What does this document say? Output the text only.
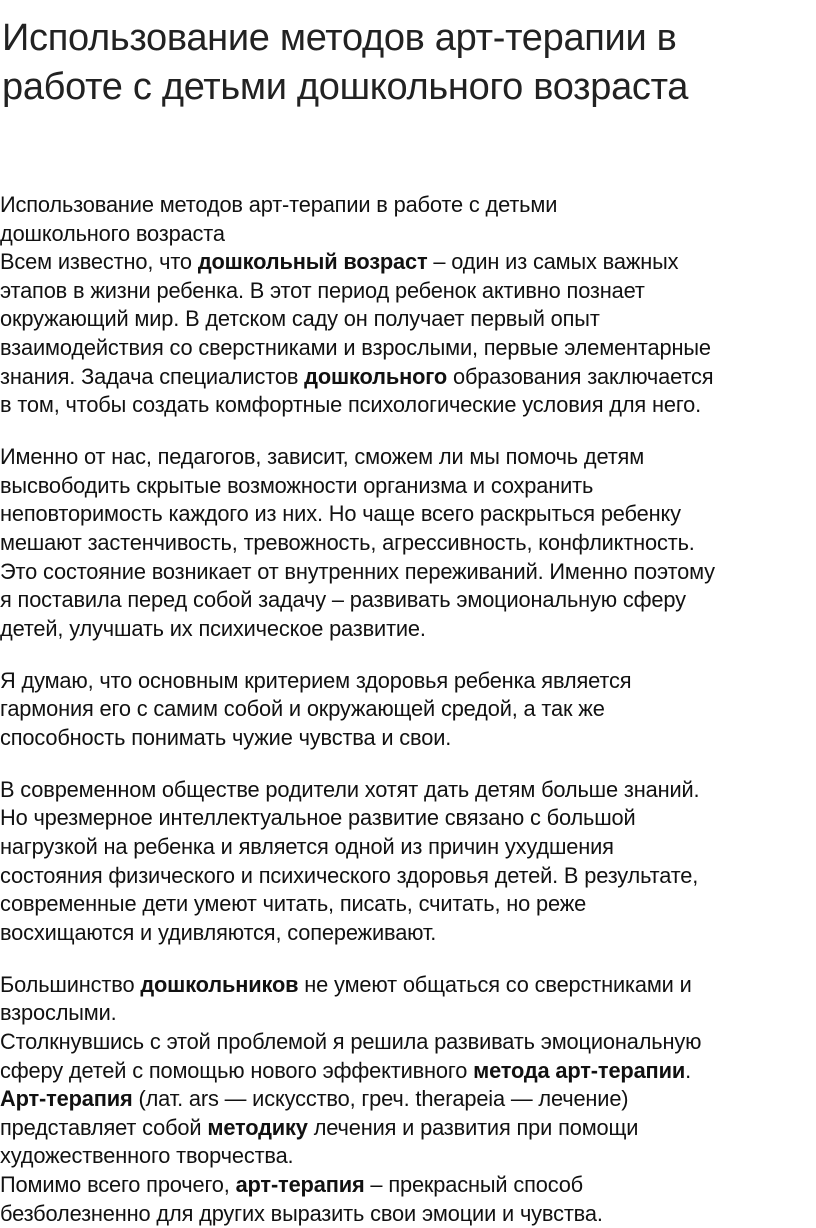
Использование методов арт-терапии в
работе с детьми дошкольного возраста
Использование методов арт-терапии в работе с детьми
дошкольного возраста
Всем известно, что дошкольный возраст – один из самых важных
этапов в жизни ребенка. В этот период ребенок активно познает
окружающий мир. В детском саду он получает первый опыт
взаимодействия со сверстниками и взрослыми, первые элементарные
знания. Задача специалистов дошкольного образования заключается
в том, чтобы создать комфортные психологические условия для него.
Именно от нас, педагогов, зависит, сможем ли мы помочь детям
высвободить скрытые возможности организма и сохранить
неповторимость каждого из них. Но чаще всего раскрыться ребенку
мешают застенчивость, тревожность, агрессивность, конфликтность.
Это состояние возникает от внутренних переживаний. Именно поэтому
я поставила перед собой задачу – развивать эмоциональную сферу
детей, улучшать их психическое развитие.
Я думаю, что основным критерием здоровья ребенка является
гармония его с самим собой и окружающей средой, а так же
способность понимать чужие чувства и свои.
В современном обществе родители хотят дать детям больше знаний.
Но чрезмерное интеллектуальное развитие связано с большой
нагрузкой на ребенка и является одной из причин ухудшения
состояния физического и психического здоровья детей. В результате,
современные дети умеют читать, писать, считать, но реже
восхищаются и удивляются, сопереживают.
Большинство дошкольников не умеют общаться со сверстниками и
взрослыми.
Столкнувшись с этой проблемой я решила развивать эмоциональную
сферу детей с помощью нового эффективного метода арт-терапии.
Арт-терапия (лат. ars — искусство, греч. therapeia — лечение)
представляет собой методику лечения и развития при помощи
художественного творчества.
Помимо всего прочего, арт-терапия – прекрасный способ
безболезненно для других выразить свои эмоции и чувства.
